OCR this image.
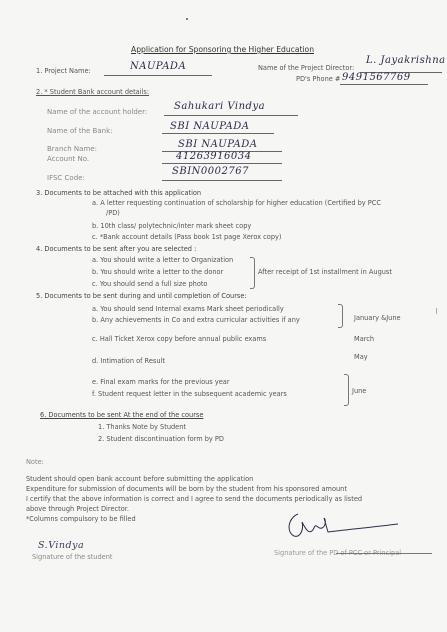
Application for Sponsoring the Higher Education
1. Project Name:	NAUPADA	Name of the Project Director:
L. Jayakrishna
PD's Phone # 9491567769
2. * Student Bank account details:
Name of the account holder:	Sahukari Vindya
Name of the Bank:	SBI NAUPADA
Branch Name:	SBI NAUPADA
Account No.	41263916034
IFSC Code:
SBIN0002767
3. Documents to be attached with this application
a. A letter requesting continuation of scholarship for higher education (Certified by PCC
/PD)
b. 10th class/ polytechnic/inter mark sheet copy
c. *Bank account details (Pass book 1st page Xerox copy)
4. Documents to be sent after you are selected :
a. You should write a letter to Organization
b. You should write a letter to the donor
c. You should send a full size photo
After receipt of 1st installment in August
5. Documents to be sent during and until completion of Course:
a. You should send Internal exams Mark sheet periodically
b. Any achievements in Co and extra curricular activities if any	January &June
c. Hall Ticket Xerox copy before annual public exams	March
d. Intimation of Result	May
e. Final exam marks for the previous year
f. Student request letter in the subsequent academic years	June
6. Documents to be sent At the end of the course
1. Thanks Note by Student
2. Student discontinuation form by PD
Note:
Student should open bank account before submitting the application
Expenditure for submission of documents will be born by the student from his sponsored amount
I certify that the above information is correct and I agree to send the documents periodically as listed
above through Project Director.
*Columns compulsory to be filled
S.Vindya
Signature of the student	Signature of the PD of PCC or Principal
